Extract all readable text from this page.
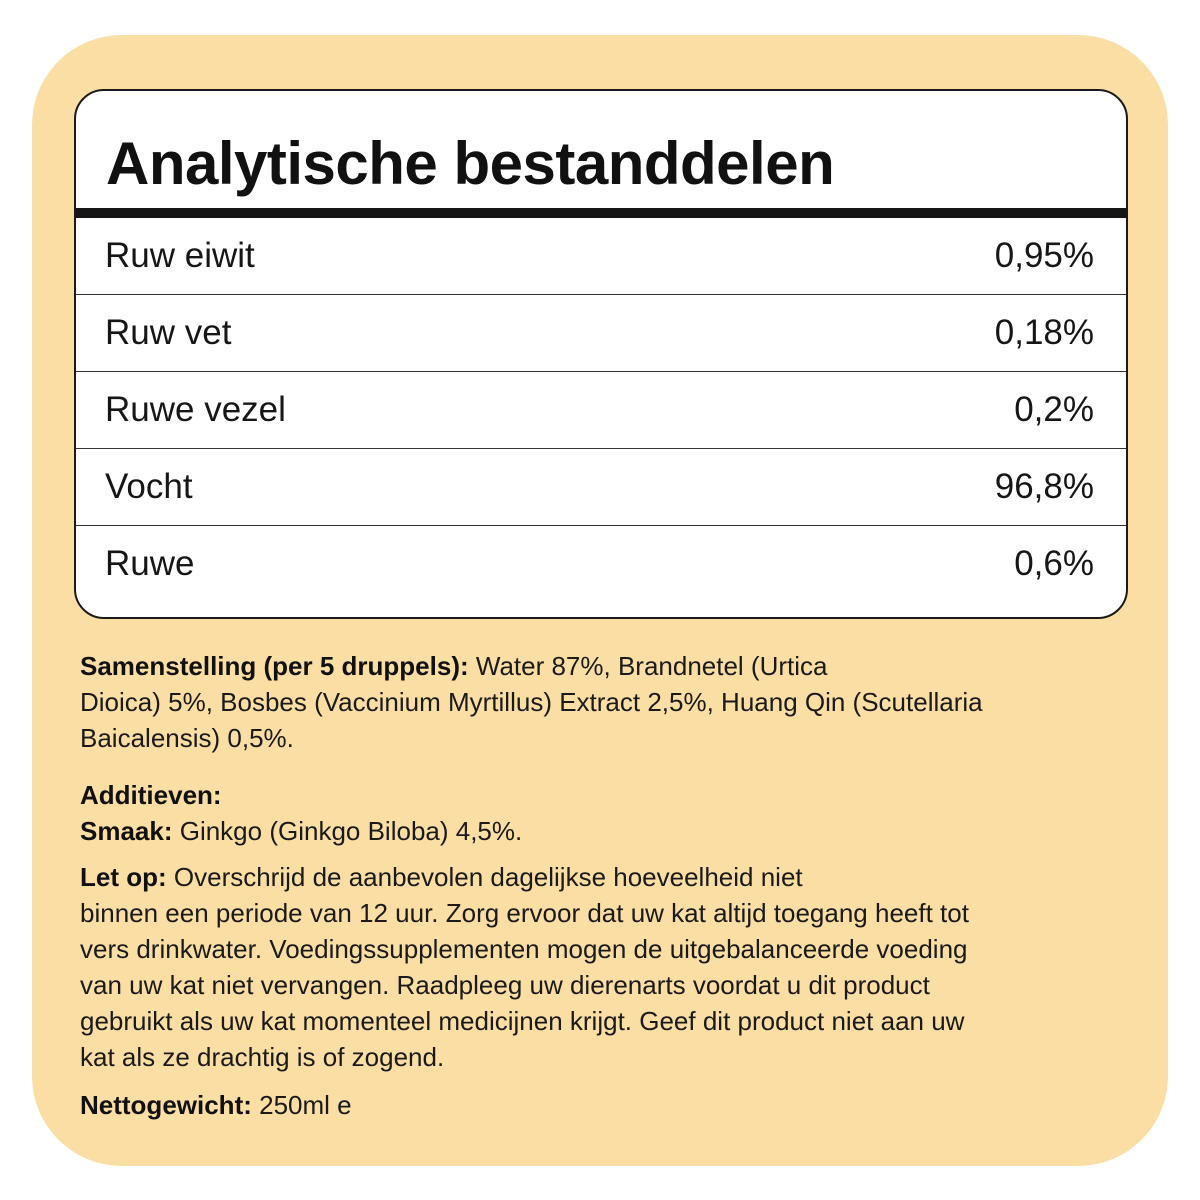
Analytische bestanddelen
Ruw eiwit	0,95%
Ruw vet	0,18%
Ruwe vezel	0,2%
Vocht	96,8%
Ruwe	0,6%
Samenstelling (per 5 druppels): Water 87%, Brandnetel (Urtica
Dioica) 5%, Bosbes (Vaccinium Myrtillus) Extract 2,5%, Huang Qin (Scutellaria
Baicalensis) 0,5%.
Additieven:
Smaak: Ginkgo (Ginkgo Biloba) 4,5%.
Let op: Overschrijd de aanbevolen dagelijkse hoeveelheid niet
binnen een periode van 12 uur. Zorg ervoor dat uw kat altijd toegang heeft tot
vers drinkwater. Voedingssupplementen mogen de uitgebalanceerde voeding
van uw kat niet vervangen. Raadpleeg uw dierenarts voordat u dit product
gebruikt als uw kat momenteel medicijnen krijgt. Geef dit product niet aan uw
kat als ze drachtig is of zogend.
Nettogewicht: 250ml e
